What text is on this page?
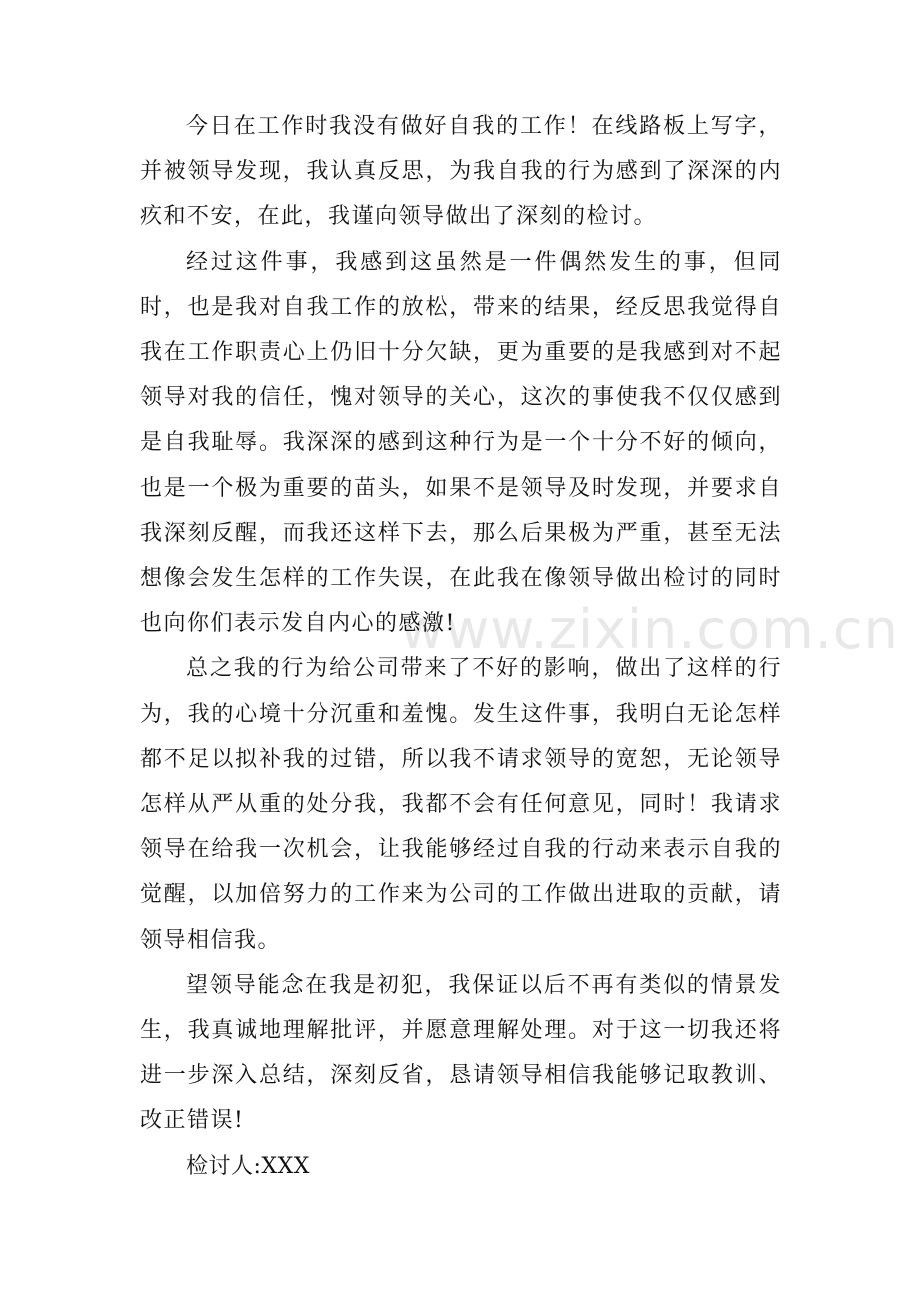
今日在工作时我没有做好自我的工作！在线路板上写字，并被领导发现，我认真反思，为我自我的行为感到了深深的内疚和不安，在此，我谨向领导做出了深刻的检讨。

经过这件事，我感到这虽然是一件偶然发生的事，但同时，也是我对自我工作的放松，带来的结果，经反思我觉得自我在工作职责心上仍旧十分欠缺，更为重要的是我感到对不起领导对我的信任，愧对领导的关心，这次的事使我不仅仅感到是自我耻辱。我深深的感到这种行为是一个十分不好的倾向，也是一个极为重要的苗头，如果不是领导及时发现，并要求自我深刻反醒，而我还这样下去，那么后果极为严重，甚至无法想像会发生怎样的工作失误，在此我在像领导做出检讨的同时也向你们表示发自内心的感激!

总之我的行为给公司带来了不好的影响，做出了这样的行为，我的心境十分沉重和羞愧。发生这件事，我明白无论怎样都不足以拟补我的过错，所以我不请求领导的宽恕，无论领导怎样从严从重的处分我，我都不会有任何意见，同时！我请求领导在给我一次机会，让我能够经过自我的行动来表示自我的觉醒，以加倍努力的工作来为公司的工作做出进取的贡献，请领导相信我。

望领导能念在我是初犯，我保证以后不再有类似的情景发生，我真诚地理解批评，并愿意理解处理。对于这一切我还将进一步深入总结，深刻反省，恳请领导相信我能够记取教训、改正错误!

检讨人:XXX

www.zixin.com.cn
